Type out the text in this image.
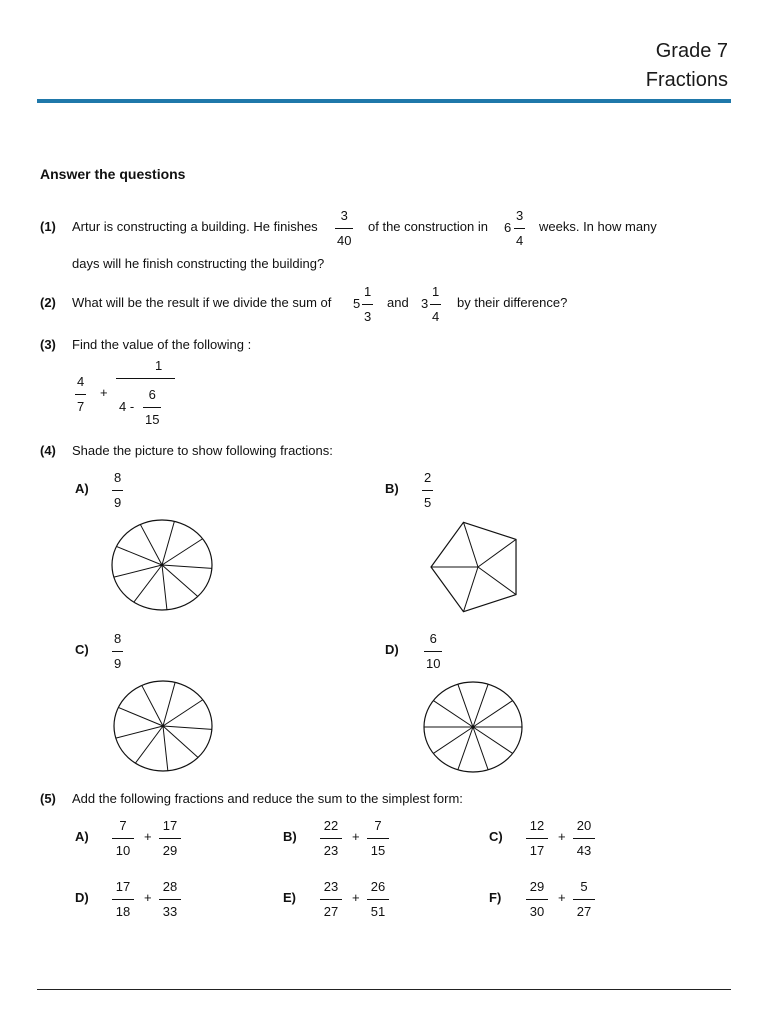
Grade 7
Fractions
Answer the questions
(1) Artur is constructing a building. He finishes
3
40
of the construction in 6
3
4
weeks. In how many
days will he finish constructing the building?
(2) What will be the result if we divide the sum of 5
1
3
and 3
1
4
by their difference?
(3) Find the value of the following :
4
7
+
1
4 -
6
15
(4) Shade the picture to show following fractions:
A)
8
9
B)
2
5
C)
8
9
D)
6
10
(5) Add the following fractions and reduce the sum to the simplest form:
A)
7
10
+
17
29
B)
22
23
+
7
15
C)
12
17
+
20
43
D)
17
18
+
28
33
E)
23
27
+
26
51
F)
29
30
+
5
27
